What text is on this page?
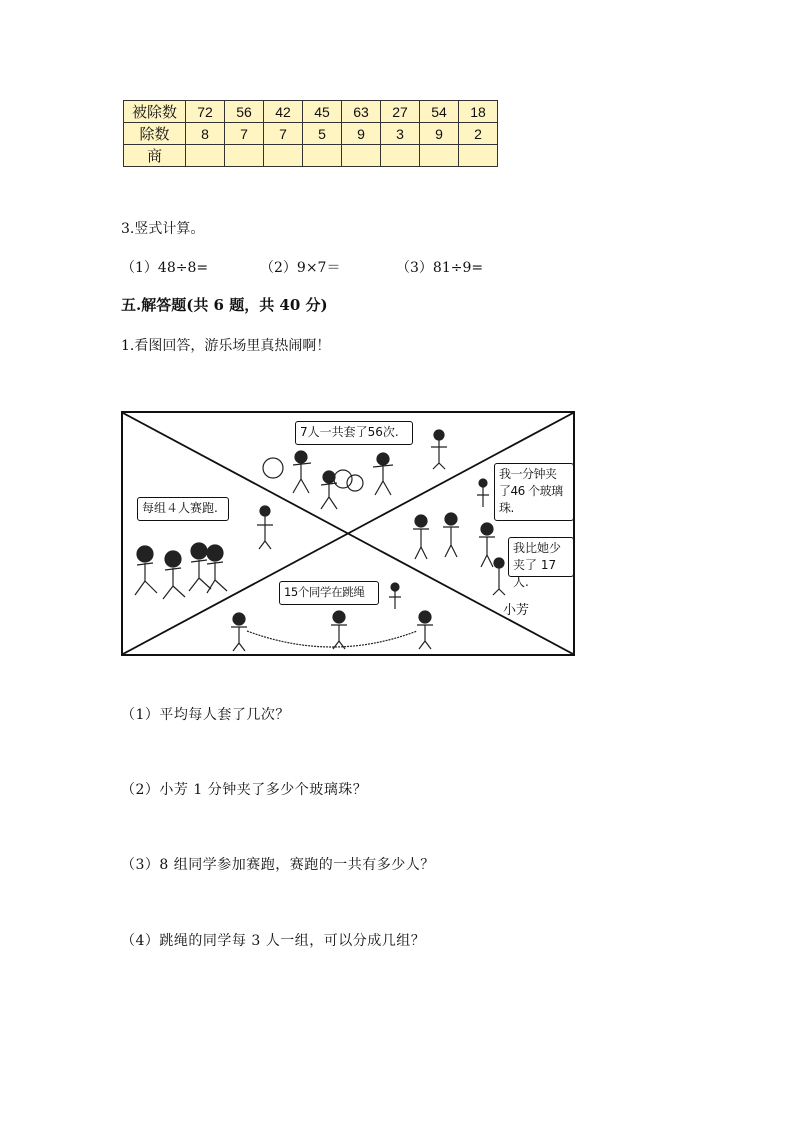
被除数	72	56	42	45	63	27	54	18
除数	8	7	7	5	9	3	9	2
商								
3.竖式计算。
（1）48÷8=	（2）9×7＝	（3）81÷9=
五.解答题(共 6 题，共 40 分)
1.看图回答，游乐场里真热闹啊！
7人一共套了56次.
每组４人赛跑.
我一分钟夹
了46 个玻璃
珠.
我比她少
夹了 17人.
小芳
15个同学在跳绳
（1）平均每人套了几次？
（2）小芳 1 分钟夹了多少个玻璃珠？
（3）8 组同学参加赛跑，赛跑的一共有多少人？
（4）跳绳的同学每 3 人一组，可以分成几组？
